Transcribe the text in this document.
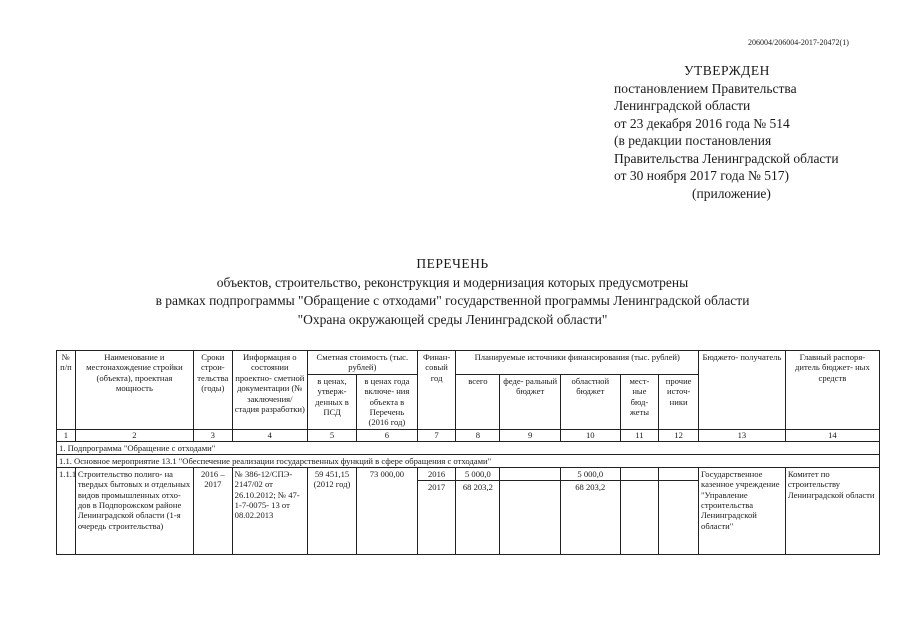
206004/206004-2017-20472(1)
УТВЕРЖДЕН
постановлением Правительства
Ленинградской области
от 23 декабря 2016 года № 514
(в редакции постановления
Правительства Ленинградской области
от 30 ноября 2017 года № 517)
(приложение)
ПЕРЕЧЕНЬ
объектов, строительство, реконструкция и модернизация которых предусмотрены
в рамках подпрограммы "Обращение с отходами" государственной программы Ленинградской области
"Охрана окружающей среды Ленинградской области"
№ п/п	Наименование и местонахождение стройки (объекта), проектная мощность	Сроки строи- тельства (годы)	Информация о состоянии проектно- сметной документации (№ заключения/ стадия разработки)	Сметная стоимость (тыс. рублей)		Финан- совый год	Планируемые источники финансирования (тыс. рублей)					Бюджето- получатель	Главный распоря- дитель бюджет- ных средств
				в ценах, утверж- денных в ПСД	в ценах года включе- ния объекта в Перечень (2016 год)		всего	феде- ральный бюджет	областной бюджет	мест- ные бюд- жеты	прочие источ- ники		
1	2	3	4	5	6	7	8	9	10	11	12	13	14
1. Подпрограмма "Обращение с отходами"													
1.1. Основное мероприятие 13.1 "Обеспечение реализации государственных функций в сфере обращения с отходами"													
1.1.1	Строительство полиго- на твердых бытовых и отдельных видов промышленных отхо- дов в Подпорожском районе Ленинградской области (1-я очередь строительства)	2016 – 2017	№ 386-12/СПЭ- 2147/02 от 26.10.2012; № 47-1-7-0075- 13 от 08.02.2013	59 451,15 (2012 год)	73 000,00	2016	5 000,0		5 000,0			Государственное казенное учреждение "Управление строительства Ленинградской области"	Комитет по строительству Ленинградской области
						2017	68 203,2		68 203,2				
